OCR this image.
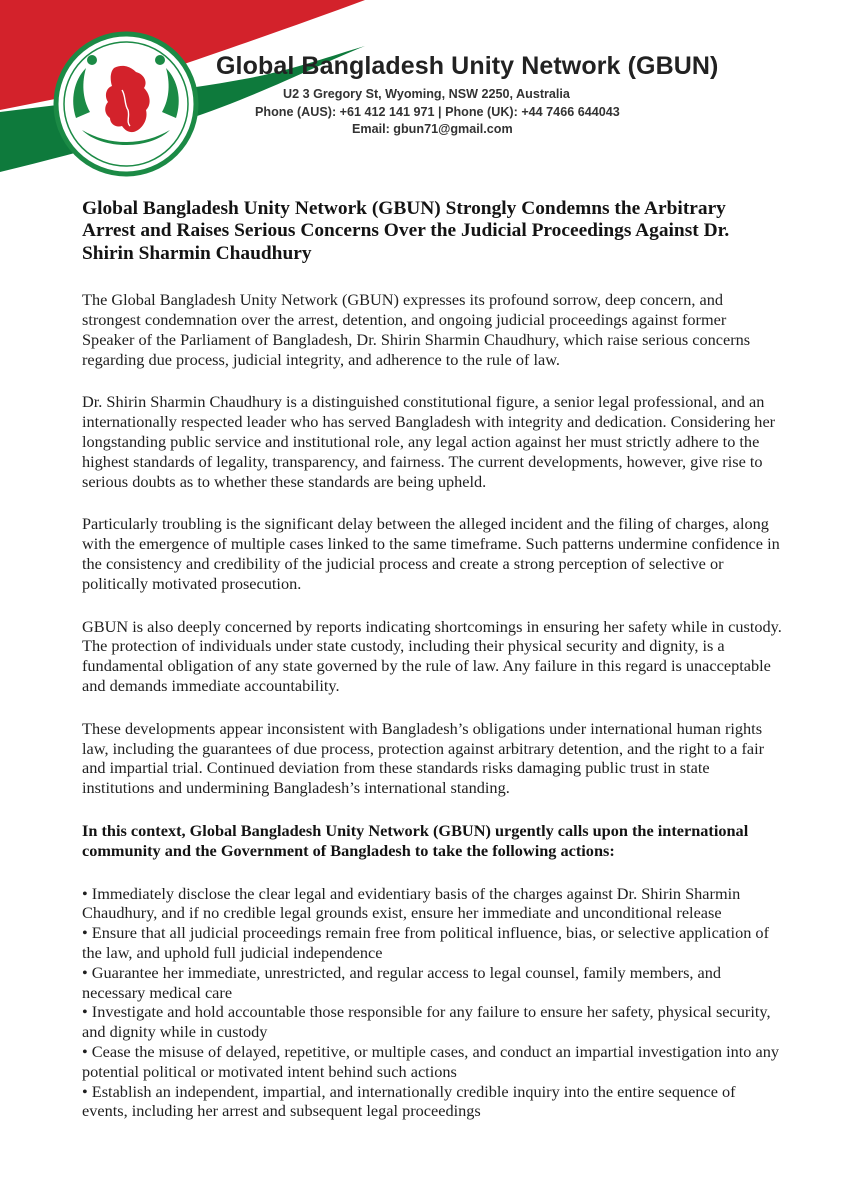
Global Bangladesh Unity Network (GBUN)
U2 3 Gregory St, Wyoming, NSW 2250, Australia
Phone (AUS): +61 412 141 971 | Phone (UK): +44 7466 644043
Email: gbun71@gmail.com
Global Bangladesh Unity Network (GBUN) Strongly Condemns the Arbitrary Arrest and Raises Serious Concerns Over the Judicial Proceedings Against Dr. Shirin Sharmin Chaudhury

The Global Bangladesh Unity Network (GBUN) expresses its profound sorrow, deep concern, and strongest condemnation over the arrest, detention, and ongoing judicial proceedings against former Speaker of the Parliament of Bangladesh, Dr. Shirin Sharmin Chaudhury, which raise serious concerns regarding due process, judicial integrity, and adherence to the rule of law.

Dr. Shirin Sharmin Chaudhury is a distinguished constitutional figure, a senior legal professional, and an internationally respected leader who has served Bangladesh with integrity and dedication. Considering her longstanding public service and institutional role, any legal action against her must strictly adhere to the highest standards of legality, transparency, and fairness. The current developments, however, give rise to serious doubts as to whether these standards are being upheld.

Particularly troubling is the significant delay between the alleged incident and the filing of charges, along with the emergence of multiple cases linked to the same timeframe. Such patterns undermine confidence in the consistency and credibility of the judicial process and create a strong perception of selective or politically motivated prosecution.

GBUN is also deeply concerned by reports indicating shortcomings in ensuring her safety while in custody. The protection of individuals under state custody, including their physical security and dignity, is a fundamental obligation of any state governed by the rule of law. Any failure in this regard is unacceptable and demands immediate accountability.

These developments appear inconsistent with Bangladesh’s obligations under international human rights law, including the guarantees of due process, protection against arbitrary detention, and the right to a fair and impartial trial. Continued deviation from these standards risks damaging public trust in state institutions and undermining Bangladesh’s international standing.

In this context, Global Bangladesh Unity Network (GBUN) urgently calls upon the international community and the Government of Bangladesh to take the following actions:

• Immediately disclose the clear legal and evidentiary basis of the charges against Dr. Shirin Sharmin Chaudhury, and if no credible legal grounds exist, ensure her immediate and unconditional release
• Ensure that all judicial proceedings remain free from political influence, bias, or selective application of the law, and uphold full judicial independence
• Guarantee her immediate, unrestricted, and regular access to legal counsel, family members, and necessary medical care
• Investigate and hold accountable those responsible for any failure to ensure her safety, physical security, and dignity while in custody
• Cease the misuse of delayed, repetitive, or multiple cases, and conduct an impartial investigation into any potential political or motivated intent behind such actions
• Establish an independent, impartial, and internationally credible inquiry into the entire sequence of events, including her arrest and subsequent legal proceedings
